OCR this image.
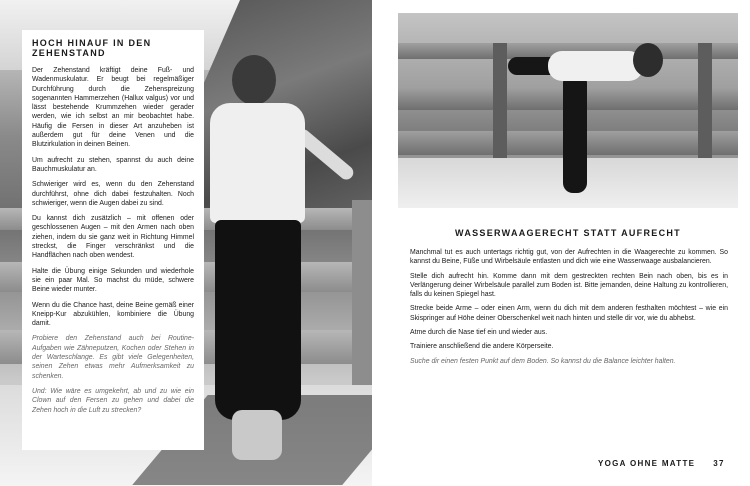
HOCH HINAUF IN DEN ZEHENSTAND

Der Zehenstand kräftigt deine Fuß- und Wadenmuskulatur. Er beugt bei regelmäßiger Durchführung durch die Zehenspreizung sogenannten Hammerzehen (Hallux valgus) vor und lässt bestehende Krummzehen wieder gerader werden, wie ich selbst an mir beobachtet habe. Häufig die Fersen in dieser Art anzuheben ist außerdem gut für deine Venen und die Blutzirkulation in deinen Beinen.

Um aufrecht zu stehen, spannst du auch deine Bauchmuskulatur an.

Schwieriger wird es, wenn du den Zehenstand durchführst, ohne dich dabei festzuhalten. Noch schwieriger, wenn die Augen dabei zu sind.

Du kannst dich zusätzlich – mit offenen oder geschlossenen Augen – mit den Armen nach oben ziehen, indem du sie ganz weit in Richtung Himmel streckst, die Finger verschränkst und die Handflächen nach oben wendest.

Halte die Übung einige Sekunden und wiederhole sie ein paar Mal. So machst du müde, schwere Beine wieder munter.

Wenn du die Chance hast, deine Beine gemäß einer Kneipp-Kur abzukühlen, kombiniere die Übung damit.

Probiere den Zehenstand auch bei Routine-Aufgaben wie Zähneputzen, Kochen oder Stehen in der Warteschlange. Es gibt viele Gelegenheiten, seinen Zehen etwas mehr Aufmerksamkeit zu schenken.

Und: Wie wäre es umgekehrt, ab und zu wie ein Clown auf den Fersen zu gehen und dabei die Zehen hoch in die Luft zu strecken?

WASSERWAAGERECHT STATT AUFRECHT

Manchmal tut es auch untertags richtig gut, von der Aufrechten in die Waagerechte zu kommen. So kannst du Beine, Füße und Wirbelsäule entlasten und dich wie eine Wasserwaage ausbalancieren.

Stelle dich aufrecht hin. Komme dann mit dem gestreckten rechten Bein nach oben, bis es in Verlängerung deiner Wirbelsäule parallel zum Boden ist. Bitte jemanden, deine Haltung zu kontrollieren, falls du keinen Spiegel hast.

Strecke beide Arme – oder einen Arm, wenn du dich mit dem anderen festhalten möchtest – wie ein Skispringer auf Höhe deiner Oberschenkel weit nach hinten und stelle dir vor, wie du abhebst.

Atme durch die Nase tief ein und wieder aus.

Trainiere anschließend die andere Körperseite.

Suche dir einen festen Punkt auf dem Boden. So kannst du die Balance leichter halten.

YOGA OHNE MATTE 37
